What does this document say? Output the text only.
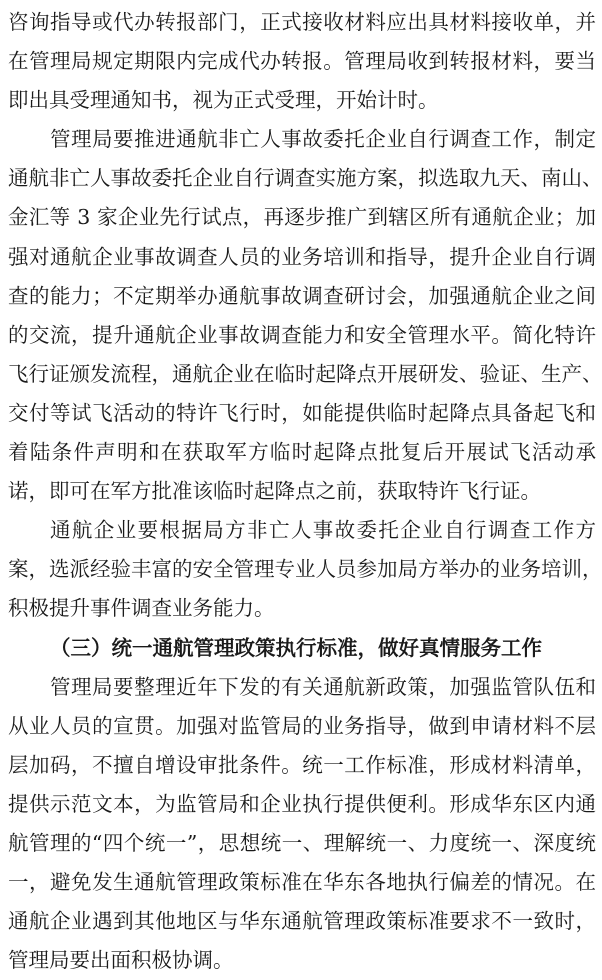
咨询指导或代办转报部门，正式接收材料应出具材料接收单，并
在管理局规定期限内完成代办转报。管理局收到转报材料，要当
即出具受理通知书，视为正式受理，开始计时。
管理局要推进通航非亡人事故委托企业自行调查工作，制定
通航非亡人事故委托企业自行调查实施方案，拟选取九天、南山、
金汇等 3 家企业先行试点，再逐步推广到辖区所有通航企业；加
强对通航企业事故调查人员的业务培训和指导，提升企业自行调
查的能力；不定期举办通航事故调查研讨会，加强通航企业之间
的交流，提升通航企业事故调查能力和安全管理水平。简化特许
飞行证颁发流程，通航企业在临时起降点开展研发、验证、生产、
交付等试飞活动的特许飞行时，如能提供临时起降点具备起飞和
着陆条件声明和在获取军方临时起降点批复后开展试飞活动承
诺，即可在军方批准该临时起降点之前，获取特许飞行证。
通航企业要根据局方非亡人事故委托企业自行调查工作方
案，选派经验丰富的安全管理专业人员参加局方举办的业务培训，
积极提升事件调查业务能力。
（三）统一通航管理政策执行标准，做好真情服务工作
管理局要整理近年下发的有关通航新政策，加强监管队伍和
从业人员的宣贯。加强对监管局的业务指导，做到申请材料不层
层加码，不擅自增设审批条件。统一工作标准，形成材料清单，
提供示范文本，为监管局和企业执行提供便利。形成华东区内通
航管理的“四个统一”，思想统一、理解统一、力度统一、深度统
一，避免发生通航管理政策标准在华东各地执行偏差的情况。在
通航企业遇到其他地区与华东通航管理政策标准要求不一致时，
管理局要出面积极协调。
